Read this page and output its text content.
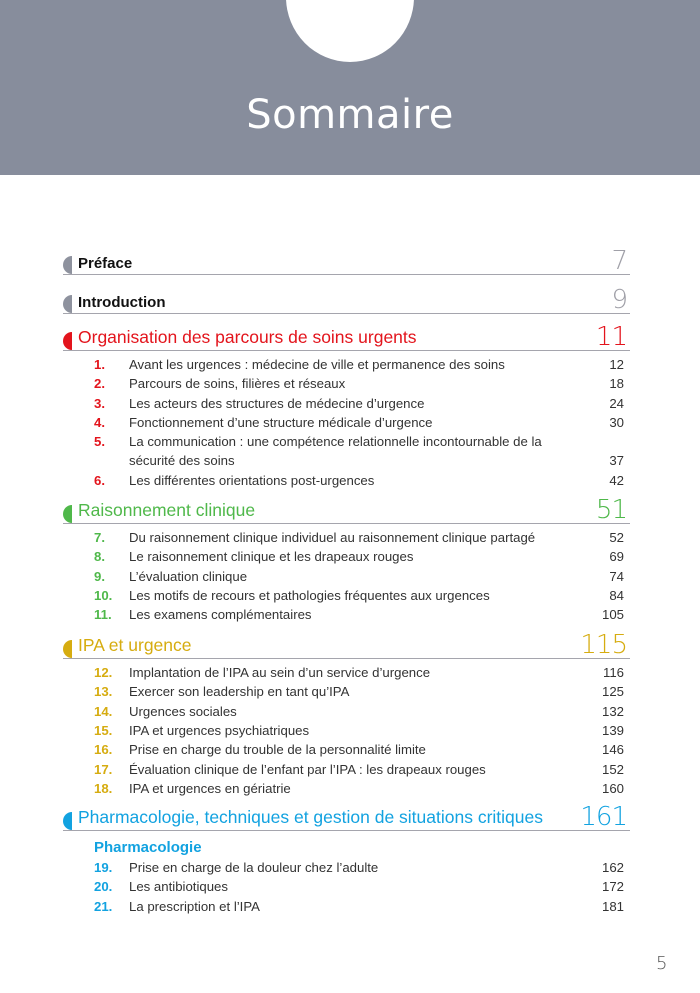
Sommaire
Préface	7
Introduction	9
Organisation des parcours de soins urgents	11
1. Avant les urgences : médecine de ville et permanence des soins	12
2. Parcours de soins, filières et réseaux	18
3. Les acteurs des structures de médecine d’urgence	24
4. Fonctionnement d’une structure médicale d’urgence	30
5. La communication : une compétence relationnelle incontournable de la sécurité des soins	37
6. Les différentes orientations post-urgences	42
Raisonnement clinique	51
7. Du raisonnement clinique individuel au raisonnement clinique partagé	52
8. Le raisonnement clinique et les drapeaux rouges	69
9. L’évaluation clinique	74
10. Les motifs de recours et pathologies fréquentes aux urgences	84
11. Les examens complémentaires	105
IPA et urgence	115
12. Implantation de l’IPA au sein d’un service d’urgence	116
13. Exercer son leadership en tant qu’IPA	125
14. Urgences sociales	132
15. IPA et urgences psychiatriques	139
16. Prise en charge du trouble de la personnalité limite	146
17. Évaluation clinique de l’enfant par l’IPA : les drapeaux rouges	152
18. IPA et urgences en gériatrie	160
Pharmacologie, techniques et gestion de situations critiques 161
Pharmacologie
19. Prise en charge de la douleur chez l’adulte	162
20. Les antibiotiques	172
21. La prescription et l’IPA	181
5
